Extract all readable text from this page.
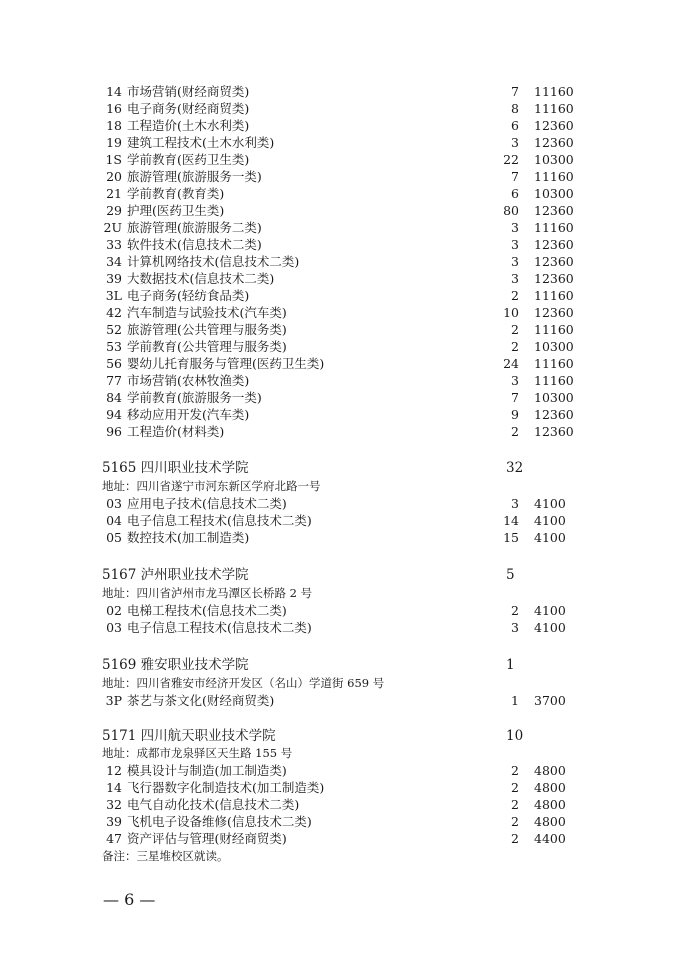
14 市场营销(财经商贸类)	7 11160
16 电子商务(财经商贸类)	8 11160
18 工程造价(土木水利类)	6 12360
19 建筑工程技术(土木水利类)	3 12360
1S 学前教育(医药卫生类)	22 10300
20 旅游管理(旅游服务一类)	7 11160
21 学前教育(教育类)	6 10300
29 护理(医药卫生类)	80 12360
2U 旅游管理(旅游服务二类)	3 11160
33 软件技术(信息技术二类)	3 12360
34 计算机网络技术(信息技术二类)	3 12360
39 大数据技术(信息技术二类)	3 12360
3L 电子商务(轻纺食品类)	2 11160
42 汽车制造与试验技术(汽车类)	10 12360
52 旅游管理(公共管理与服务类)	2 11160
53 学前教育(公共管理与服务类)	2 10300
56 婴幼儿托育服务与管理(医药卫生类)	24 11160
77 市场营销(农林牧渔类)	3 11160
84 学前教育(旅游服务一类)	7 10300
94 移动应用开发(汽车类)	9 12360
96 工程造价(材料类)	2 12360
5165 四川职业技术学院	32
地址：四川省遂宁市河东新区学府北路一号
03 应用电子技术(信息技术二类)	3 4100
04 电子信息工程技术(信息技术二类)	14 4100
05 数控技术(加工制造类)	15 4100
5167 泸州职业技术学院	5
地址：四川省泸州市龙马潭区长桥路 2 号
02 电梯工程技术(信息技术二类)	2 4100
03 电子信息工程技术(信息技术二类)	3 4100
5169 雅安职业技术学院	1
地址：四川省雅安市经济开发区（名山）学道街 659 号
3P 茶艺与茶文化(财经商贸类)	1 3700
5171 四川航天职业技术学院	10
地址：成都市龙泉驿区天生路 155 号
12 模具设计与制造(加工制造类)	2 4800
14 飞行器数字化制造技术(加工制造类)	2 4800
32 电气自动化技术(信息技术二类)	2 4800
39 飞机电子设备维修(信息技术二类)	2 4800
47 资产评估与管理(财经商贸类)	2 4400
备注：三星堆校区就读。
— 6 —
